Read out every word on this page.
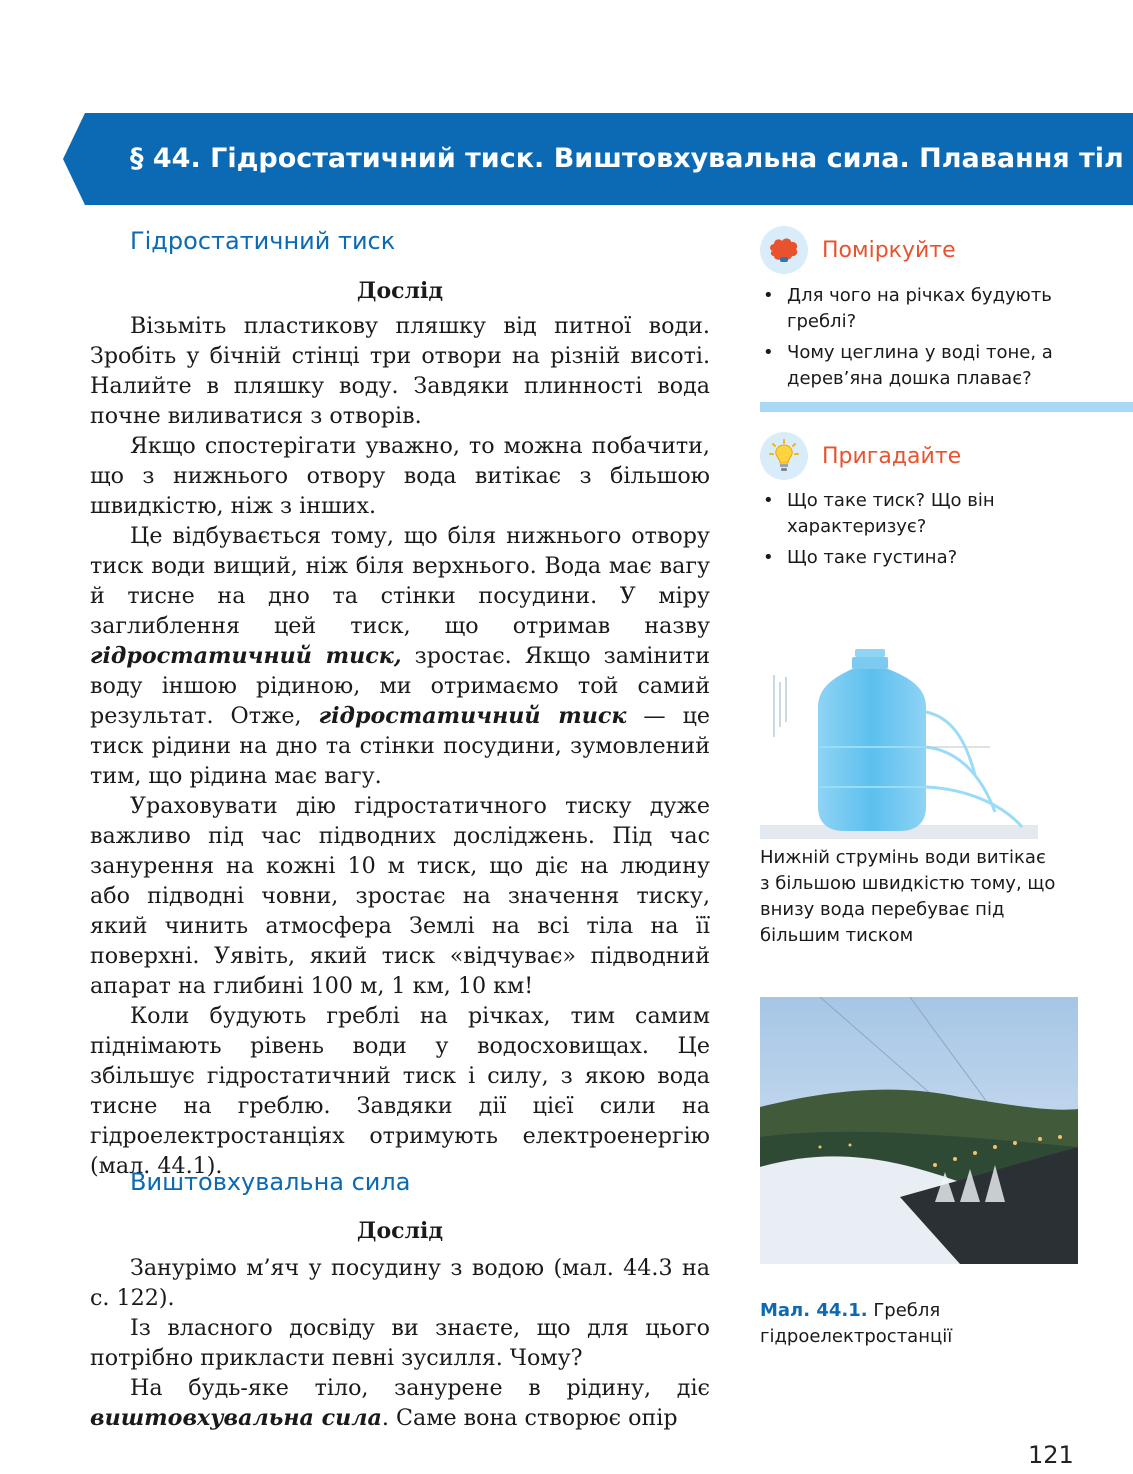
§ 44. Гідростатичний тиск. Виштовхувальна сила. Плавання тіл
Гідростатичний тиск
Дослід

Візьміть пластикову пляшку від питної води. Зробіть у бічній стінці три отвори на різній висоті. Налийте в пляшку воду. Завдяки плинності вода почне виливатися з отворів.

Якщо спостерігати уважно, то можна побачити, що з нижнього отвору вода витікає з більшою швидкістю, ніж з інших.

Це відбувається тому, що біля нижнього отвору тиск води вищий, ніж біля верхнього. Вода має вагу й тисне на дно та стінки посудини. У міру заглиблення цей тиск, що отримав назву гідростатичний тиск, зростає. Якщо замінити воду іншою рідиною, ми отримаємо той самий результат. Отже, гідростатичний тиск — це тиск рідини на дно та стінки посудини, зумовлений тим, що рідина має вагу.

Ураховувати дію гідростатичного тиску дуже важливо під час підводних досліджень. Під час занурення на кожні 10 м тиск, що діє на людину або підводні човни, зростає на значення тиску, який чинить атмосфера Землі на всі тіла на її поверхні. Уявіть, який тиск «відчуває» підводний апарат на глибині 100 м, 1 км, 10 км!

Коли будують греблі на річках, тим самим піднімають рівень води у водосховищах. Це збільшує гідростатичний тиск і силу, з якою вода тисне на греблю. Завдяки дії цієї сили на гідроелектростанціях отримують електроенергію (мал. 44.1).

Виштовхувальна сила
Дослід

Занурімо м’яч у посудину з водою (мал. 44.3 на с. 122).

Із власного досвіду ви знаєте, що для цього потрібно прикласти певні зусилля. Чому?

На будь-яке тіло, занурене в рідину, діє виштовхувальна сила. Саме вона створює опір

Поміркуйте
• Для чого на річках будують греблі?
• Чому цеглина у воді тоне, а дерев’яна дошка плаває?
Пригадайте
• Що таке тиск? Що він характеризує?
• Що таке густина?
Нижній струмінь води витікає з більшою швидкістю тому, що внизу вода перебуває під більшим тиском
Мал. 44.1. Гребля гідроелектростанції
121
